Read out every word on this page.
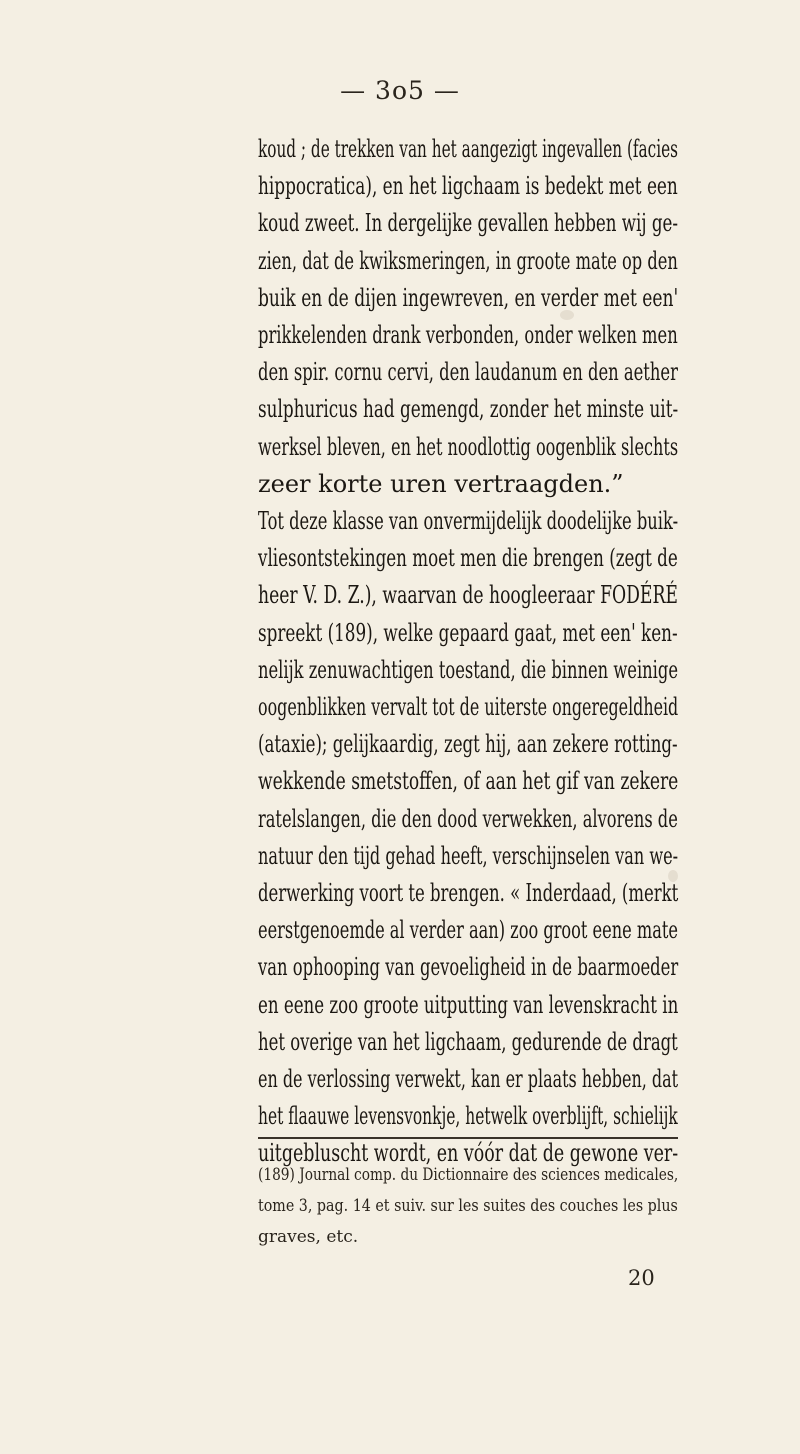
— 3o5 —
koud ; de trekken van het aangezigt ingevallen (facies
hippocratica), en het ligchaam is bedekt met een
koud zweet. In dergelijke gevallen hebben wij ge-
zien, dat de kwiksmeringen, in groote mate op den
buik en de dijen ingewreven, en verder met een'
prikkelenden drank verbonden, onder welken men
den spir. cornu cervi, den laudanum en den aether
sulphuricus had gemengd, zonder het minste uit-
werksel bleven, en het noodlottig oogenblik slechts
zeer korte uren vertraagden.”
Tot deze klasse van onvermijdelijk doodelijke buik-
vliesontstekingen moet men die brengen (zegt de
heer V. D. Z.), waarvan de hoogleeraar FODÉRÉ
spreekt (189), welke gepaard gaat, met een' ken-
nelijk zenuwachtigen toestand, die binnen weinige
oogenblikken vervalt tot de uiterste ongeregeldheid
(ataxie); gelijkaardig, zegt hij, aan zekere rotting-
wekkende smetstoffen, of aan het gif van zekere
ratelslangen, die den dood verwekken, alvorens de
natuur den tijd gehad heeft, verschijnselen van we-
derwerking voort te brengen. « Inderdaad, (merkt
eerstgenoemde al verder aan) zoo groot eene mate
van ophooping van gevoeligheid in de baarmoeder
en eene zoo groote uitputting van levenskracht in
het overige van het ligchaam, gedurende de dragt
en de verlossing verwekt, kan er plaats hebben, dat
het flaauwe levensvonkje, hetwelk overblijft, schielijk
uitgebluscht wordt, en vóór dat de gewone ver-
(189) Journal comp. du Dictionnaire des sciences medicales,
tome 3, pag. 14 et suiv. sur les suites des couches les plus
graves, etc.
20
